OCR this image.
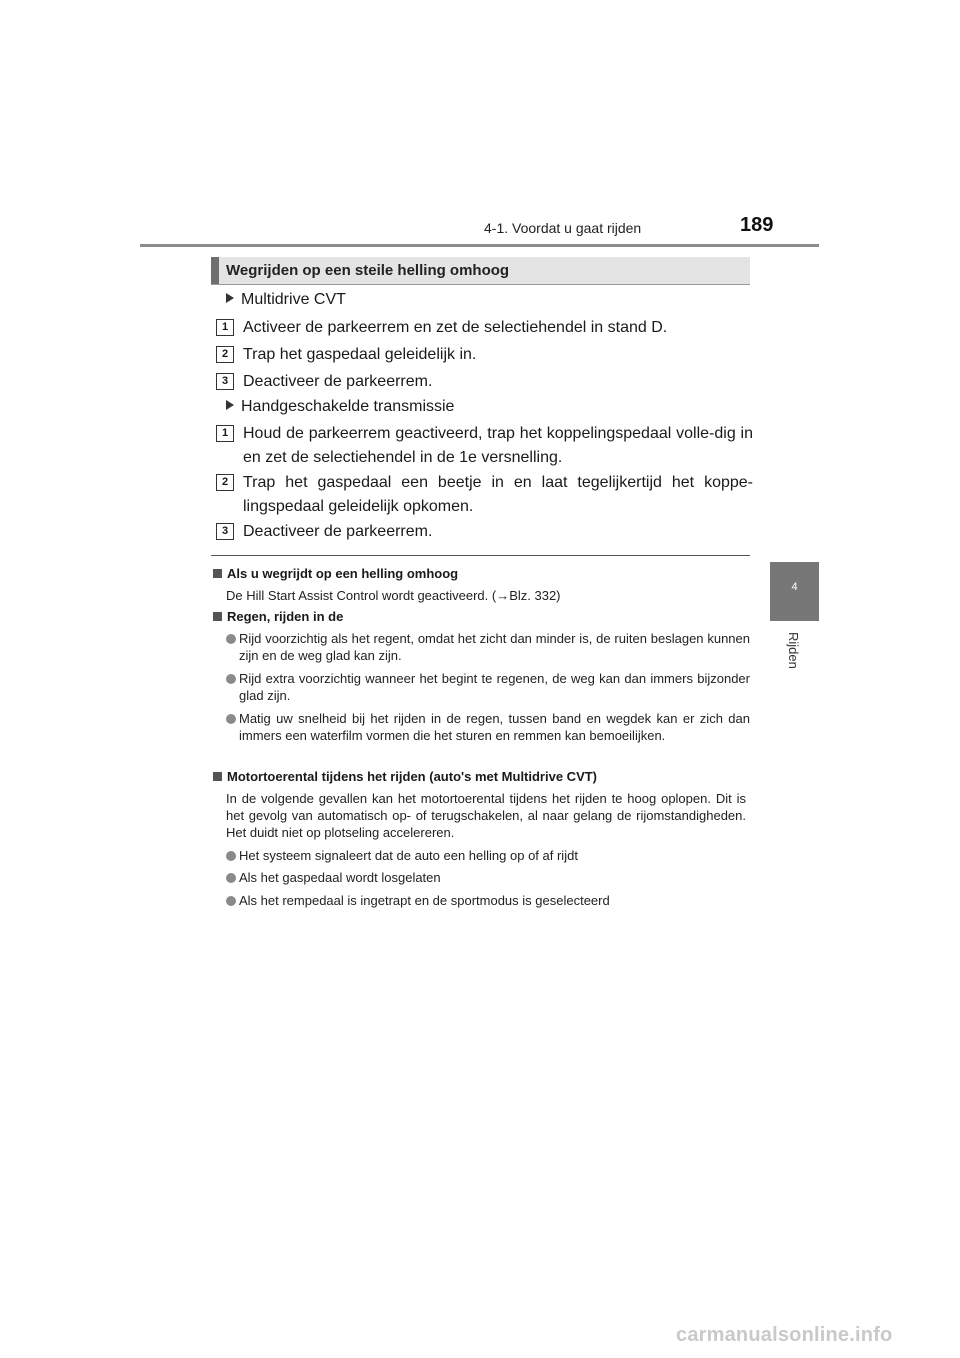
4-1. Voordat u gaat rijden	189
4
Rijden
Wegrijden op een steile helling omhoog
Multidrive CVT
1 Activeer de parkeerrem en zet de selectiehendel in stand D.
2 Trap het gaspedaal geleidelijk in.
3 Deactiveer de parkeerrem.
Handgeschakelde transmissie
1 Houd de parkeerrem geactiveerd, trap het koppelingspedaal volle-dig in en zet de selectiehendel in de 1e versnelling.
2 Trap het gaspedaal een beetje in en laat tegelijkertijd het koppe-lingspedaal geleidelijk opkomen.
3 Deactiveer de parkeerrem.
Als u wegrijdt op een helling omhoog
De Hill Start Assist Control wordt geactiveerd. (→Blz. 332)
Regen, rijden in de
Rijd voorzichtig als het regent, omdat het zicht dan minder is, de ruiten beslagen kunnen zijn en de weg glad kan zijn.
Rijd extra voorzichtig wanneer het begint te regenen, de weg kan dan immers bijzonder glad zijn.
Matig uw snelheid bij het rijden in de regen, tussen band en wegdek kan er zich dan immers een waterfilm vormen die het sturen en remmen kan bemoeilijken.
Motortoerental tijdens het rijden (auto's met Multidrive CVT)
In de volgende gevallen kan het motortoerental tijdens het rijden te hoog oplopen. Dit is het gevolg van automatisch op- of terugschakelen, al naar gelang de rijomstandigheden. Het duidt niet op plotseling accelereren.
Het systeem signaleert dat de auto een helling op of af rijdt
Als het gaspedaal wordt losgelaten
Als het rempedaal is ingetrapt en de sportmodus is geselecteerd
carmanualsonline.info
